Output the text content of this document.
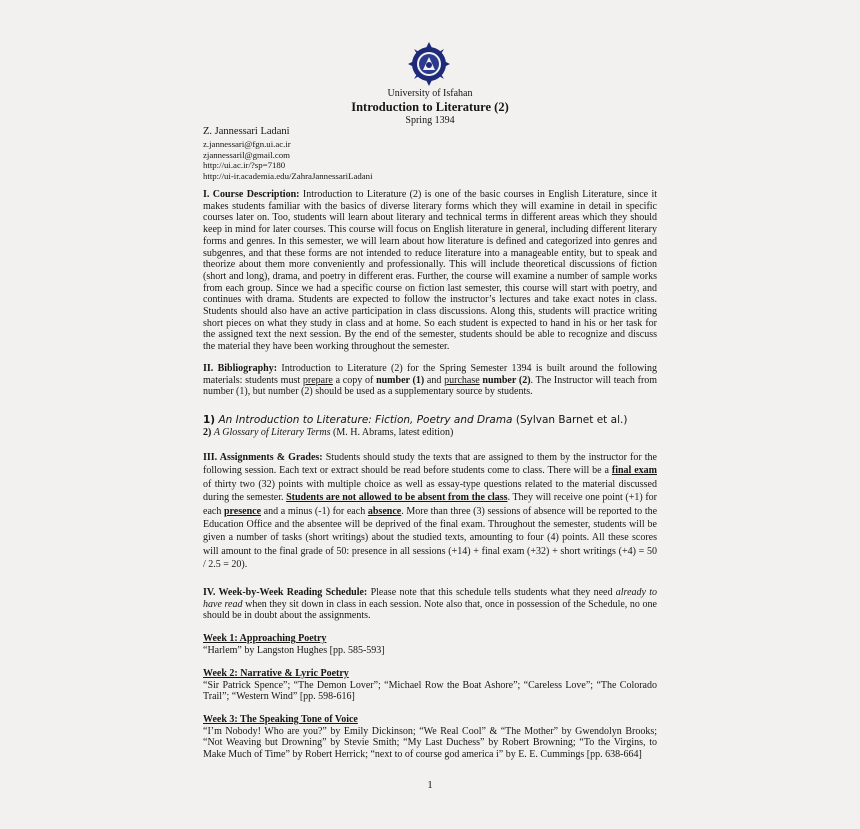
University of Isfahan
Introduction to Literature (2)
Spring 1394
Z. Jannessari Ladani
z.jannessari@fgn.ui.ac.ir
zjannessaril@gmail.com
http://ui.ac.ir/?sp=7180
http://ui-ir.academia.edu/ZahraJannessariLadani

I. Course Description: Introduction to Literature (2) is one of the basic courses in English Literature, since it makes students familiar with the basics of diverse literary forms which they will examine in detail in specific courses later on. Too, students will learn about literary and technical terms in different areas which they should keep in mind for later courses. This course will focus on English literature in general, including different literary forms and genres. In this semester, we will learn about how literature is defined and categorized into genres and subgenres, and that these forms are not intended to reduce literature into a manageable entity, but to speak and theorize about them more conveniently and professionally. This will include theoretical discussions of fiction (short and long), drama, and poetry in different eras. Further, the course will examine a number of sample works from each group. Since we had a specific course on fiction last semester, this course will start with poetry, and continues with drama. Students are expected to follow the instructor’s lectures and take exact notes in class. Students should also have an active participation in class discussions. Along this, students will practice writing short pieces on what they study in class and at home. So each student is expected to hand in his or her task for the assigned text the next session. By the end of the semester, students should be able to recognize and discuss the material they have been working throughout the semester.

II. Bibliography: Introduction to Literature (2) for the Spring Semester 1394 is built around the following materials: students must prepare a copy of number (1) and purchase number (2). The Instructor will teach from number (1), but number (2) should be used as a supplementary source by students.

1) An Introduction to Literature: Fiction, Poetry and Drama (Sylvan Barnet et al.)
2) A Glossary of Literary Terms (M. H. Abrams, latest edition)

III. Assignments & Grades: Students should study the texts that are assigned to them by the instructor for the following session. Each text or extract should be read before students come to class. There will be a final exam of thirty two (32) points with multiple choice as well as essay-type questions related to the material discussed during the semester. Students are not allowed to be absent from the class. They will receive one point (+1) for each presence and a minus (-1) for each absence. More than three (3) sessions of absence will be reported to the Education Office and the absentee will be deprived of the final exam. Throughout the semester, students will be given a number of tasks (short writings) about the studied texts, amounting to four (4) points. All these scores will amount to the final grade of 50: presence in all sessions (+14) + final exam (+32) + short writings (+4) = 50 / 2.5 = 20).

IV. Week-by-Week Reading Schedule: Please note that this schedule tells students what they need already to have read when they sit down in class in each session. Note also that, once in possession of the Schedule, no one should be in doubt about the assignments.

Week 1: Approaching Poetry
“Harlem” by Langston Hughes [pp. 585-593]
Week 2: Narrative & Lyric Poetry

“Sir Patrick Spence”; “The Demon Lover”; “Michael Row the Boat Ashore”; “Careless Love”; “The Colorado Trail”; “Western Wind” [pp. 598-616]

Week 3: The Speaking Tone of Voice

“I’m Nobody! Who are you?” by Emily Dickinson; “We Real Cool” & “The Mother” by Gwendolyn Brooks; “Not Weaving but Drowning” by Stevie Smith; “My Last Duchess” by Robert Browning; “To the Virgins, to Make Much of Time” by Robert Herrick; “next to of course god america i” by E. E. Cummings [pp. 638-664]

1
